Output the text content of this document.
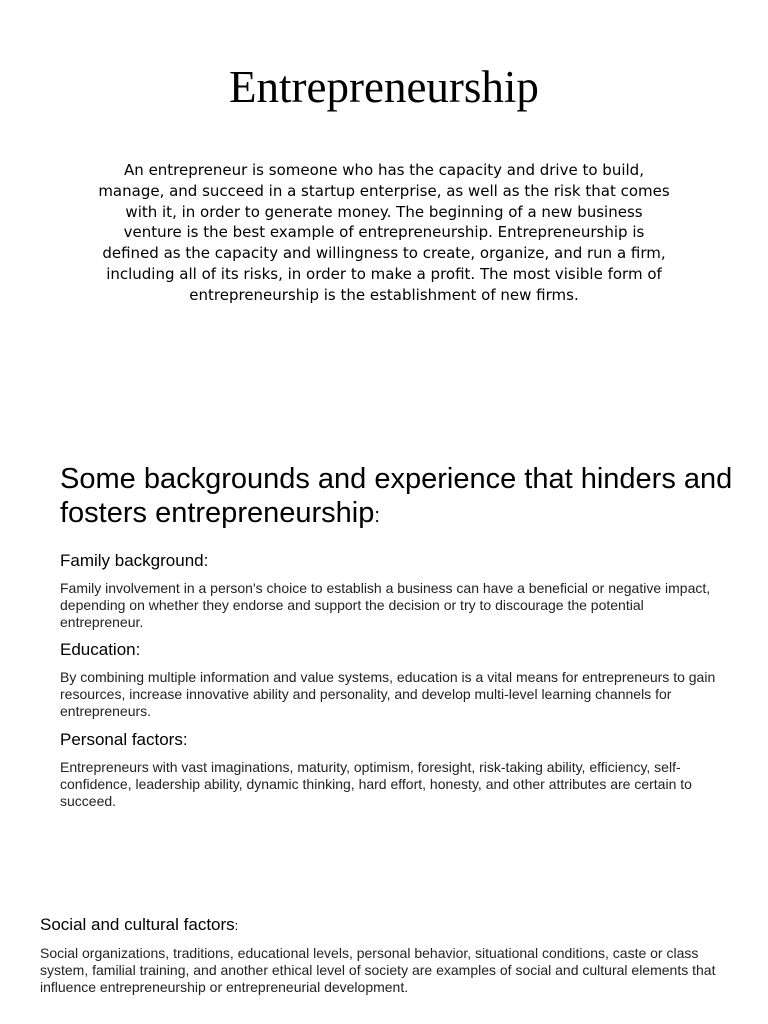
Entrepreneurship

An entrepreneur is someone who has the capacity and drive to build, manage, and succeed in a startup enterprise, as well as the risk that comes with it, in order to generate money. The beginning of a new business venture is the best example of entrepreneurship. Entrepreneurship is defined as the capacity and willingness to create, organize, and run a firm, including all of its risks, in order to make a profit. The most visible form of entrepreneurship is the establishment of new firms.

Some backgrounds and experience that hinders and fosters entrepreneurship:
Family background:

Family involvement in a person's choice to establish a business can have a beneficial or negative impact, depending on whether they endorse and support the decision or try to discourage the potential entrepreneur.

Education:

By combining multiple information and value systems, education is a vital means for entrepreneurs to gain resources, increase innovative ability and personality, and develop multi-level learning channels for entrepreneurs.

Personal factors:

Entrepreneurs with vast imaginations, maturity, optimism, foresight, risk-taking ability, efficiency, self-confidence, leadership ability, dynamic thinking, hard effort, honesty, and other attributes are certain to succeed.

Social and cultural factors:

Social organizations, traditions, educational levels, personal behavior, situational conditions, caste or class system, familial training, and another ethical level of society are examples of social and cultural elements that influence entrepreneurship or entrepreneurial development.
